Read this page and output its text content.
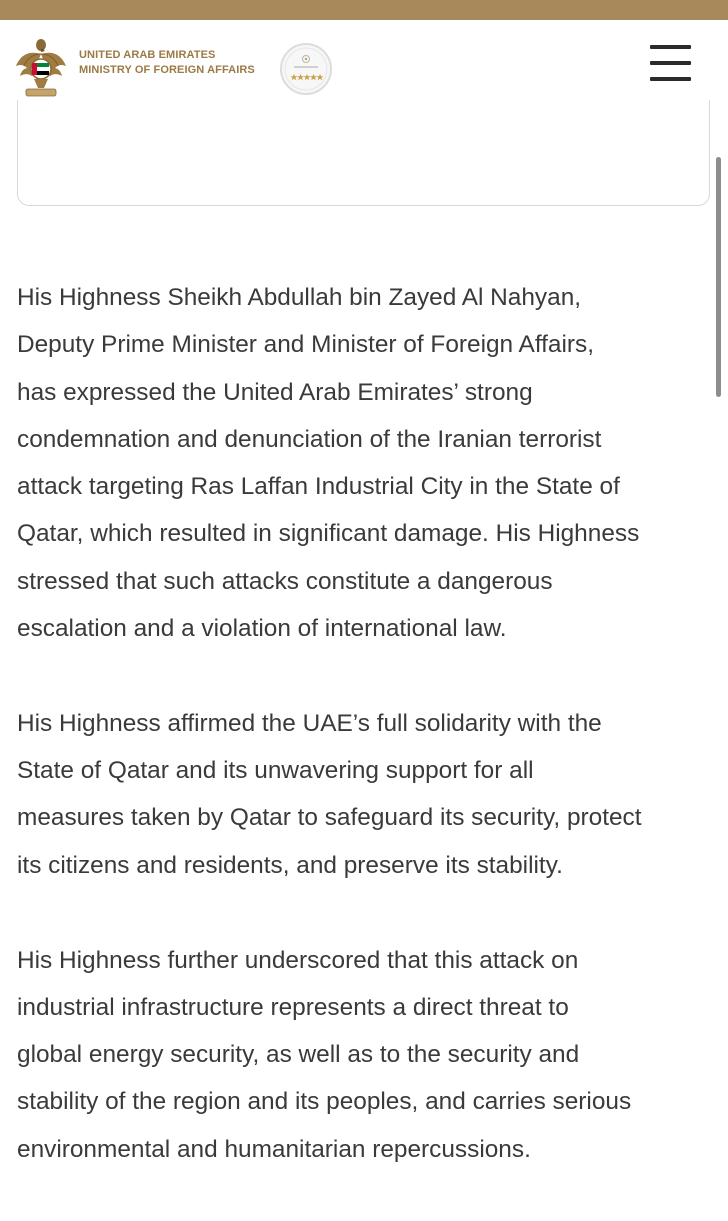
UNITED ARAB EMIRATES
MINISTRY OF FOREIGN AFFAIRS

His Highness Sheikh Abdullah bin Zayed Al Nahyan,
Deputy Prime Minister and Minister of Foreign Affairs,
has expressed the United Arab Emirates’ strong
condemnation and denunciation of the Iranian terrorist
attack targeting Ras Laffan Industrial City in the State of
Qatar, which resulted in significant damage. His Highness
stressed that such attacks constitute a dangerous
escalation and a violation of international law.

His Highness affirmed the UAE’s full solidarity with the
State of Qatar and its unwavering support for all
measures taken by Qatar to safeguard its security, protect
its citizens and residents, and preserve its stability.

His Highness further underscored that this attack on
industrial infrastructure represents a direct threat to
global energy security, as well as to the security and
stability of the region and its peoples, and carries serious
environmental and humanitarian repercussions.
